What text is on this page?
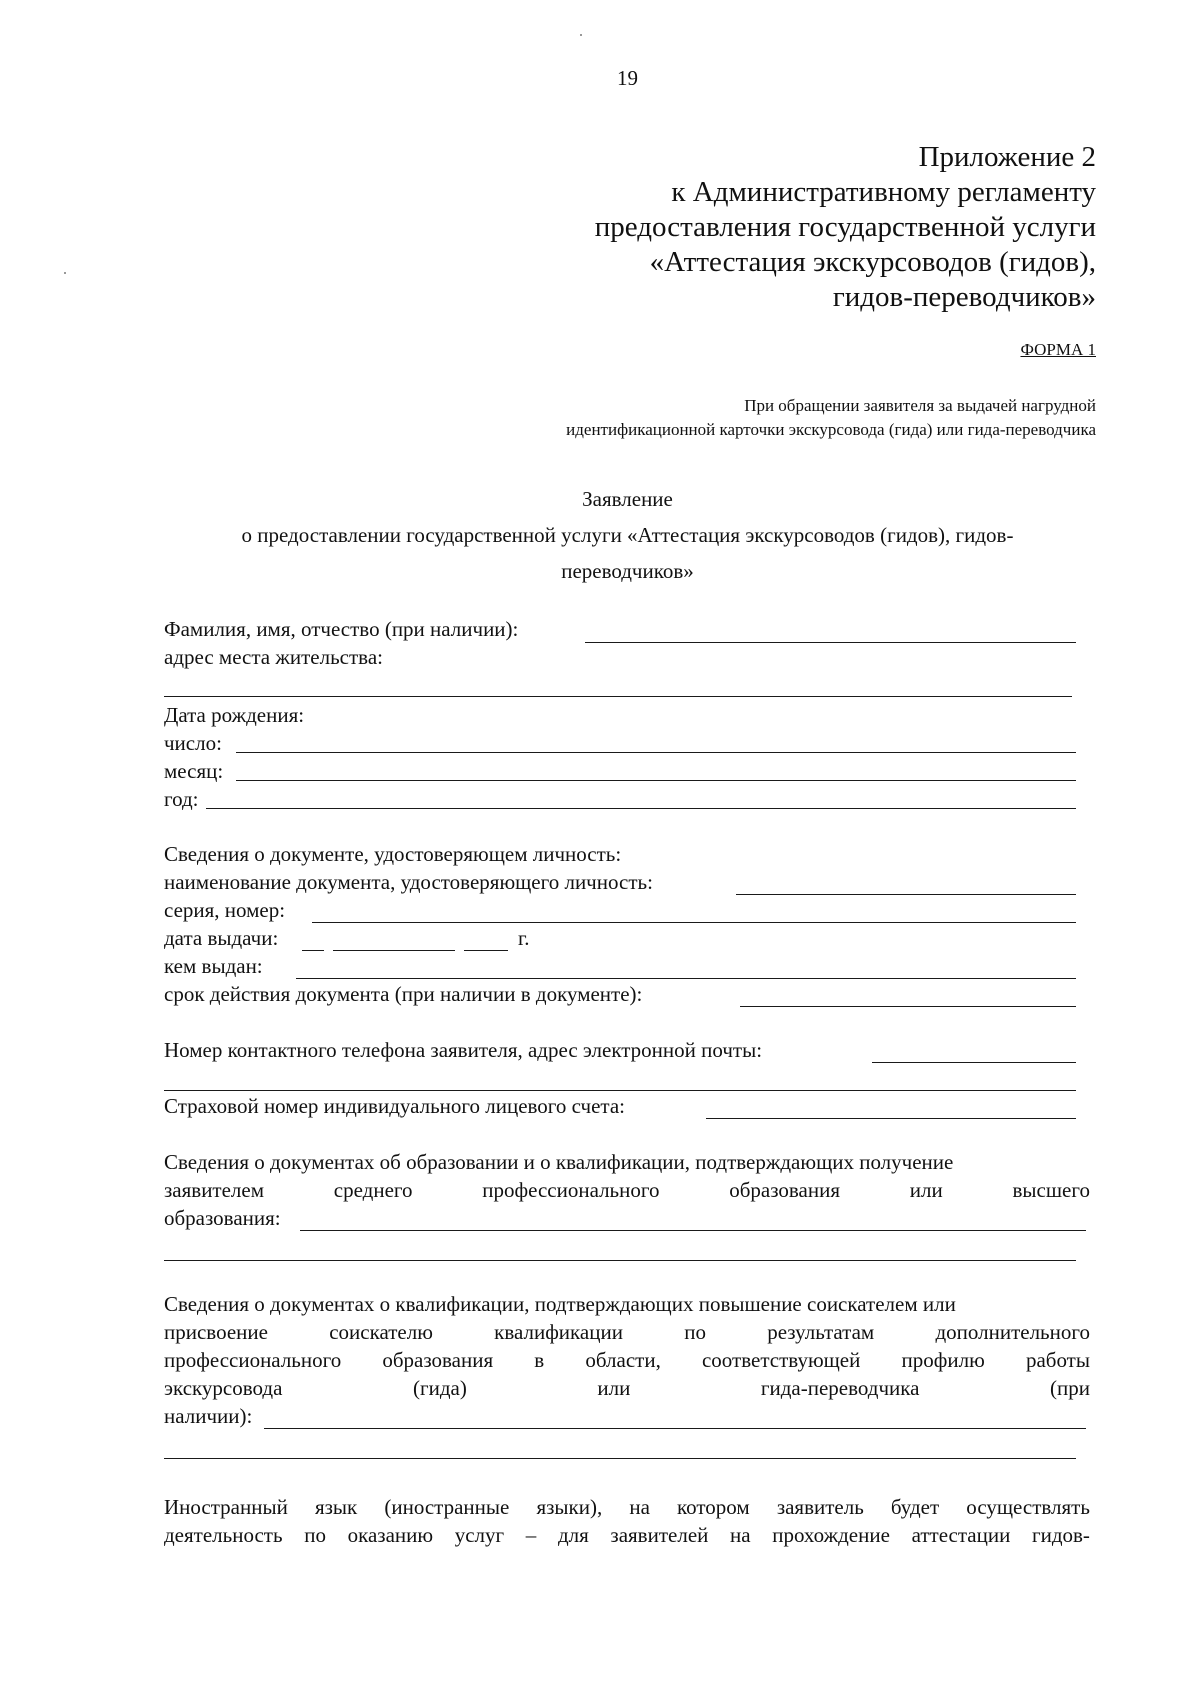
19
Приложение 2
к Административному регламенту
предоставления государственной услуги
«Аттестация экскурсоводов (гидов),
гидов-переводчиков»
ФОРМА 1
При обращении заявителя за выдачей нагрудной
идентификационной карточки экскурсовода (гида) или гида-переводчика
Заявление
о предоставлении государственной услуги «Аттестация экскурсоводов (гидов), гидов-
переводчиков»
Фамилия, имя, отчество (при наличии):
адрес места жительства:
Дата рождения:
число:
месяц:
год:
Сведения о документе, удостоверяющем личность:
наименование документа, удостоверяющего личность:
серия, номер:
дата выдачи:	г.
кем выдан:
срок действия документа (при наличии в документе):
Номер контактного телефона заявителя, адрес электронной почты:
Страховой номер индивидуального лицевого счета:
Сведения о документах об образовании и о квалификации, подтверждающих получение
заявителем	среднего	профессионального	образования	или	высшего
образования:
Сведения о документах о квалификации, подтверждающих повышение соискателем или
присвоение	соискателю	квалификации	по	результатам	дополнительного
профессионального образования в области, соответствующей профилю работы
экскурсовода	(гида)	или	гида-переводчика	(при
наличии):
Иностранный язык (иностранные языки), на котором заявитель будет осуществлять
деятельность по оказанию услуг – для заявителей на прохождение аттестации гидов-
